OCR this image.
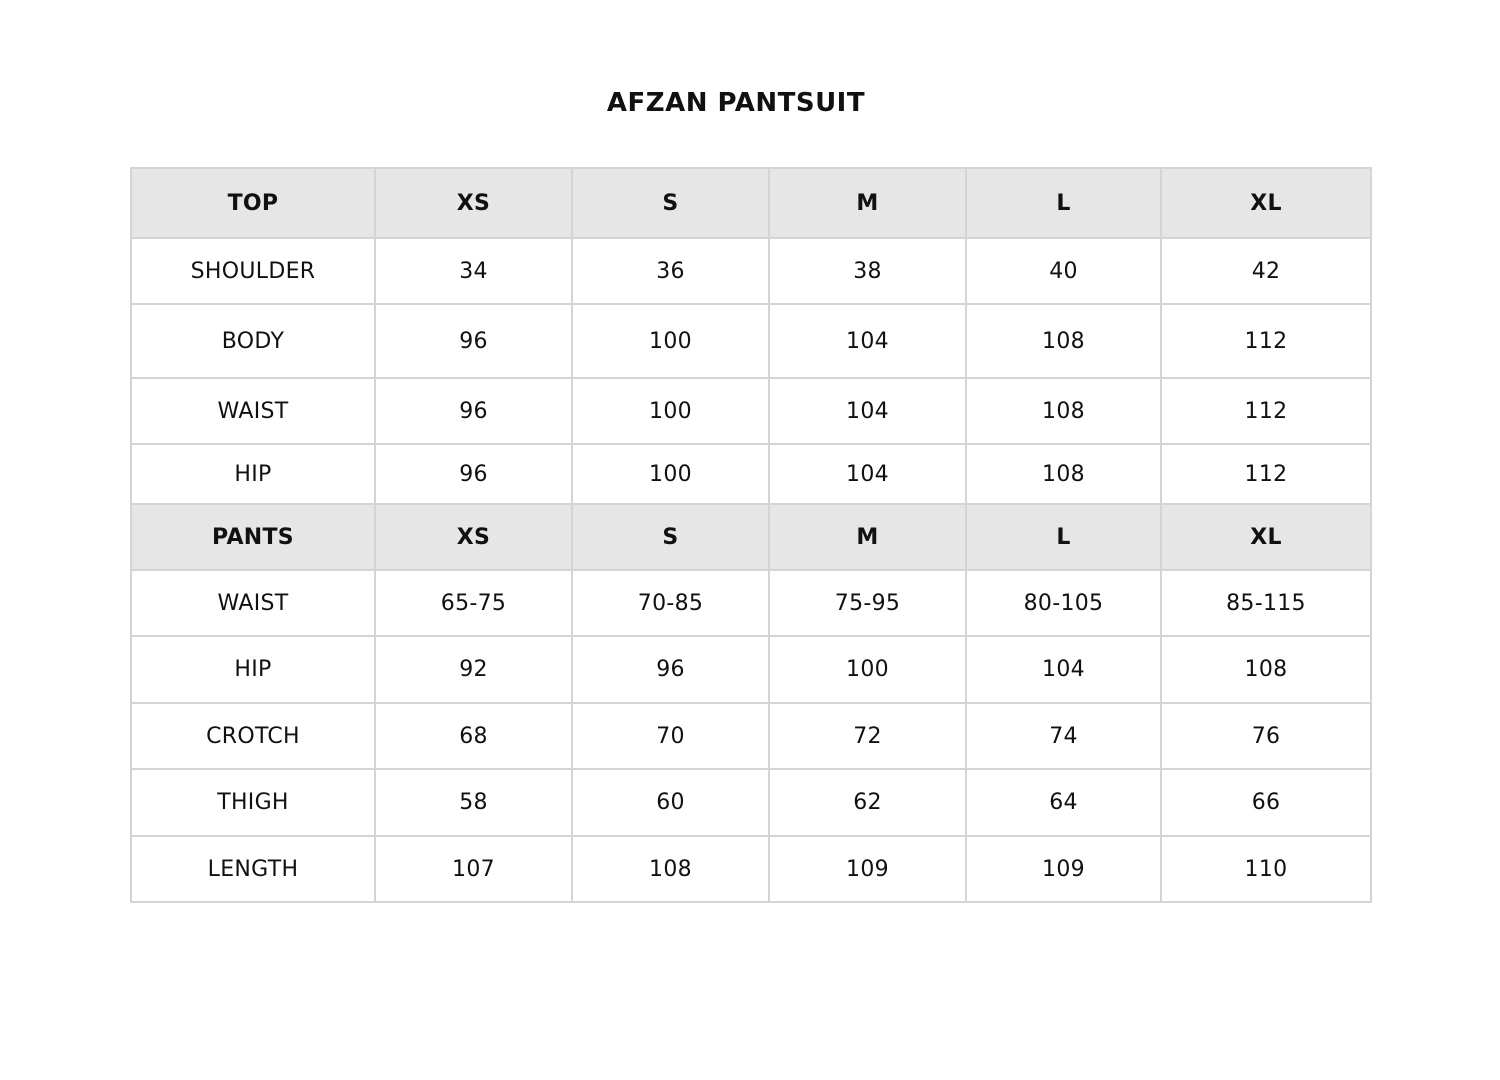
AFZAN PANTSUIT
TOP	XS	S	M	L	XL
SHOULDER	34	36	38	40	42
BODY	96	100	104	108	112
WAIST	96	100	104	108	112
HIP	96	100	104	108	112
PANTS	XS	S	M	L	XL
WAIST	65-75	70-85	75-95	80-105	85-115
HIP	92	96	100	104	108
CROTCH	68	70	72	74	76
THIGH	58	60	62	64	66
LENGTH	107	108	109	109	110
